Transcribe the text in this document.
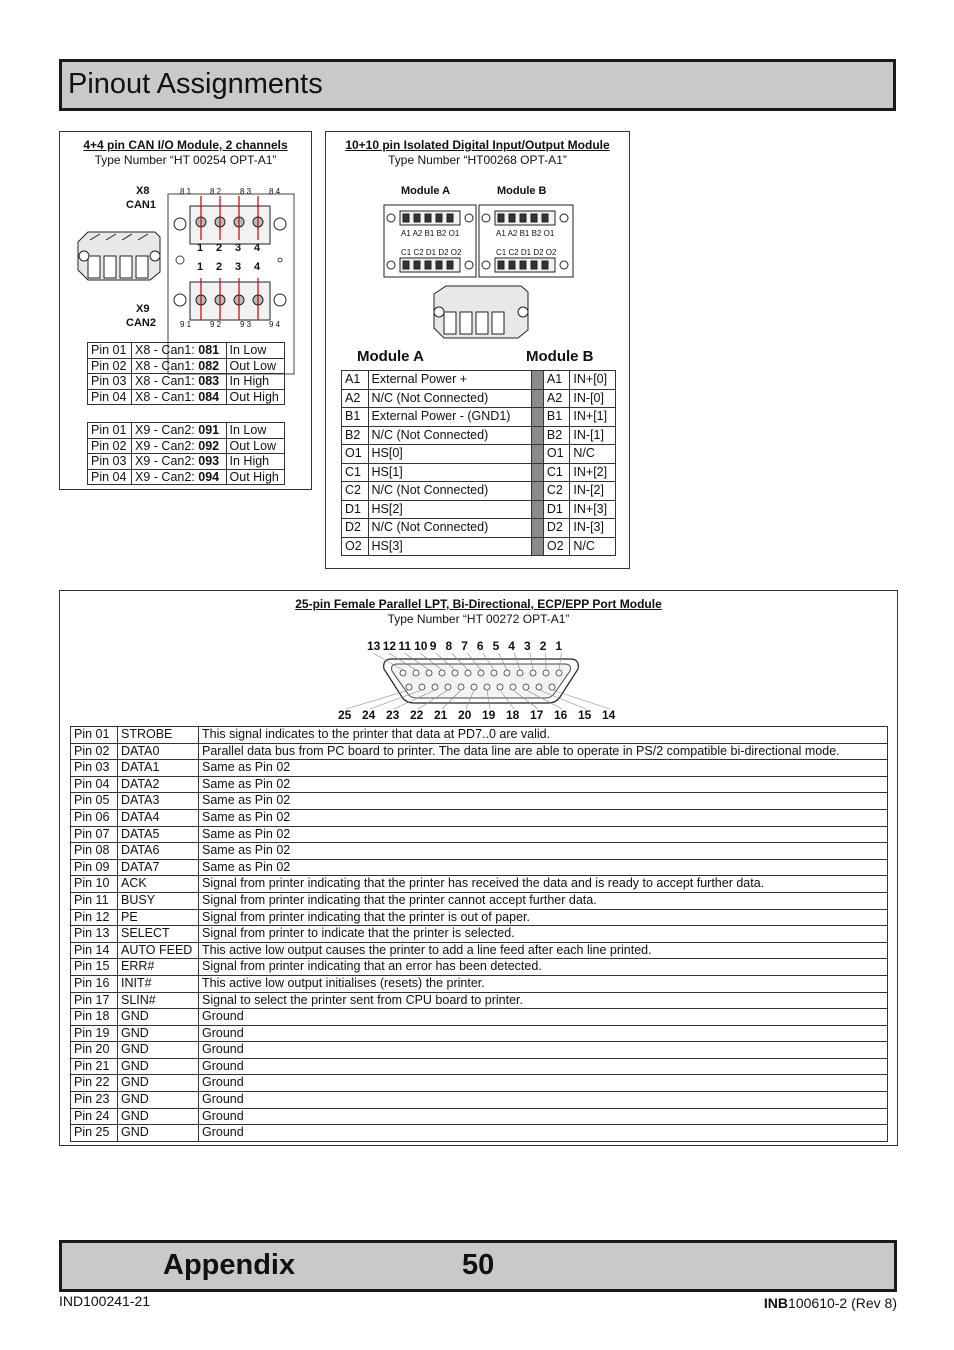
Pinout Assignments
4+4 pin CAN I/O Module, 2 channels
Type Number “HT 00254 OPT-A1”
X8
CAN1
X9
CAN2
8 1 8 2 8 3 8 4
1 2 3 4
1 2 3 4
9 1 9 2 9 3 9 4
Pin 01	X8 - Can1: 081	In Low
Pin 02	X8 - Can1: 082	Out Low
Pin 03	X8 - Can1: 083	In High
Pin 04	X8 - Can1: 084	Out High
Pin 01	X9 - Can2: 091	In Low
Pin 02	X9 - Can2: 092	Out Low
Pin 03	X9 - Can2: 093	In High
Pin 04	X9 - Can2: 094	Out High
10+10 pin Isolated Digital Input/Output Module
Type Number “HT00268 OPT-A1”
Module A	Module B
A1 A2 B1 B2 O1
C1 C2 D1 D2 O2
A1 A2 B1 B2 O1
C1 C2 D1 D2 O2
Module A	Module B
A1	External Power +		A1	IN+[0]
A2	N/C (Not Connected)		A2	IN-[0]
B1	External Power - (GND1)		B1	IN+[1]
B2	N/C (Not Connected)		B2	IN-[1]
O1	HS[0]		O1	N/C
C1	HS[1]		C1	IN+[2]
C2	N/C (Not Connected)		C2	IN-[2]
D1	HS[2]		D1	IN+[3]
D2	N/C (Not Connected)		D2	IN-[3]
O2	HS[3]		O2	N/C
25-pin Female Parallel LPT, Bi-Directional, ECP/EPP Port Module
Type Number “HT 00272 OPT-A1”
13 12 11 10 9 8 7 6 5 4 3 2 1
25 24 23 22 21 20 19 18 17 16 15 14
Pin 01	STROBE	This signal indicates to the printer that data at PD7..0 are valid.
Pin 02	DATA0	Parallel data bus from PC board to printer. The data line are able to operate in PS/2 compatible bi-directional mode.
Pin 03	DATA1	Same as Pin 02
Pin 04	DATA2	Same as Pin 02
Pin 05	DATA3	Same as Pin 02
Pin 06	DATA4	Same as Pin 02
Pin 07	DATA5	Same as Pin 02
Pin 08	DATA6	Same as Pin 02
Pin 09	DATA7	Same as Pin 02
Pin 10	ACK	Signal from printer indicating that the printer has received the data and is ready to accept further data.
Pin 11	BUSY	Signal from printer indicating that the printer cannot accept further data.
Pin 12	PE	Signal from printer indicating that the printer is out of paper.
Pin 13	SELECT	Signal from printer to indicate that the printer is selected.
Pin 14	AUTO FEED	This active low output causes the printer to add a line feed after each line printed.
Pin 15	ERR#	Signal from printer indicating that an error has been detected.
Pin 16	INIT#	This active low output initialises (resets) the printer.
Pin 17	SLIN#	Signal to select the printer sent from CPU board to printer.
Pin 18	GND	Ground
Pin 19	GND	Ground
Pin 20	GND	Ground
Pin 21	GND	Ground
Pin 22	GND	Ground
Pin 23	GND	Ground
Pin 24	GND	Ground
Pin 25	GND	Ground
Appendix	50
IND100241-21	INB100610-2 (Rev 8)
